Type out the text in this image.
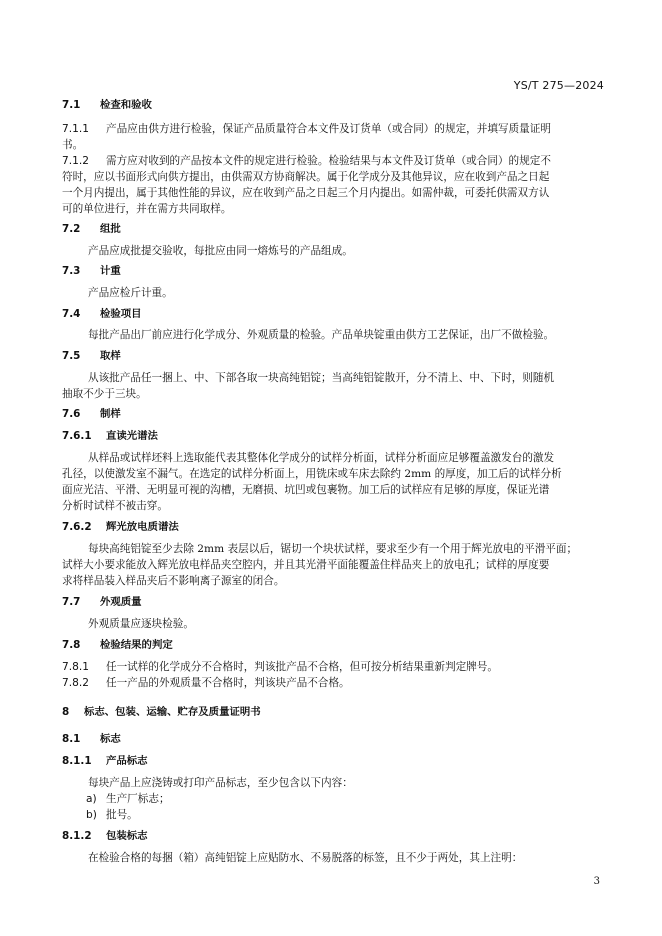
YS/T 275—2024
7.1 检查和验收
7.1.1 产品应由供方进行检验，保证产品质量符合本文件及订货单（或合同）的规定，并填写质量证明
书。
7.1.2 需方应对收到的产品按本文件的规定进行检验。检验结果与本文件及订货单（或合同）的规定不
符时，应以书面形式向供方提出，由供需双方协商解决。属于化学成分及其他异议，应在收到产品之日起
一个月内提出，属于其他性能的异议，应在收到产品之日起三个月内提出。如需仲裁，可委托供需双方认
可的单位进行，并在需方共同取样。
7.2 组批
产品应成批提交验收，每批应由同一熔炼号的产品组成。
7.3 计重
产品应检斤计重。
7.4 检验项目
每批产品出厂前应进行化学成分、外观质量的检验。产品单块锭重由供方工艺保证，出厂不做检验。
7.5 取样
从该批产品任一捆上、中、下部各取一块高纯铝锭；当高纯铝锭散开，分不清上、中、下时，则随机
抽取不少于三块。
7.6 制样
7.6.1 直读光谱法
从样品或试样坯料上选取能代表其整体化学成分的试样分析面，试样分析面应足够覆盖激发台的激发
孔径，以使激发室不漏气。在选定的试样分析面上，用铣床或车床去除约 2mm 的厚度，加工后的试样分析
面应光洁、平滑、无明显可视的沟槽，无磨损、坑凹或包裹物。加工后的试样应有足够的厚度，保证光谱
分析时试样不被击穿。
7.6.2 辉光放电质谱法
每块高纯铝锭至少去除 2mm 表层以后，锯切一个块状试样，要求至少有一个用于辉光放电的平滑平面；
试样大小要求能放入辉光放电样品夹空腔内，并且其光滑平面能覆盖住样品夹上的放电孔；试样的厚度要
求将样品装入样品夹后不影响离子源室的闭合。
7.7 外观质量
外观质量应逐块检验。
7.8 检验结果的判定
7.8.1 任一试样的化学成分不合格时，判该批产品不合格，但可按分析结果重新判定牌号。
7.8.2 任一产品的外观质量不合格时，判该块产品不合格。
8 标志、包装、运输、贮存及质量证明书
8.1 标志
8.1.1 产品标志
每块产品上应浇铸或打印产品标志，至少包含以下内容：
a) 生产厂标志；
b) 批号。
8.1.2 包装标志
在检验合格的每捆（箱）高纯铝锭上应贴防水、不易脱落的标签，且不少于两处，其上注明：
3
